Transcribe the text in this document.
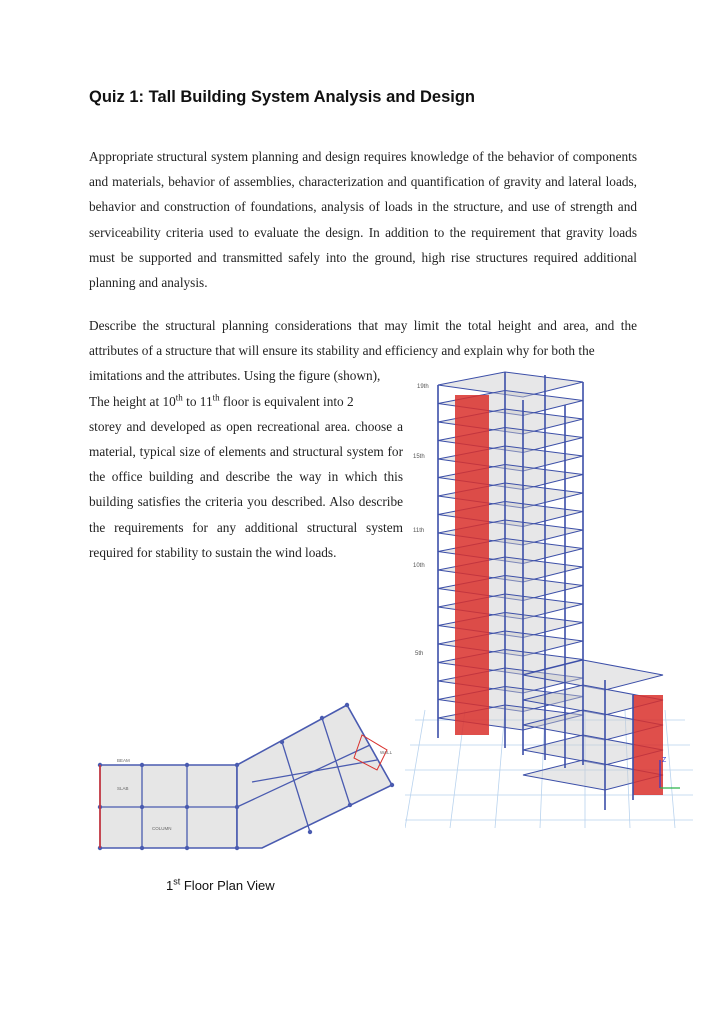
Quiz 1: Tall Building System Analysis and Design

Appropriate structural system planning and design requires knowledge of the behavior of components and materials, behavior of assemblies, characterization and quantification of gravity and lateral loads, behavior and construction of foundations, analysis of loads in the structure, and use of strength and serviceability criteria used to evaluate the design. In addition to the requirement that gravity loads must be supported and transmitted safely into the ground, high rise structures required additional planning and analysis.

Describe the structural planning considerations that may limit the total height and area, and the attributes of a structure that will ensure its stability and efficiency and explain why for both the
imitations and the attributes. Using the figure (shown),
The height at 10th to 11th floor is equivalent into 2
storey and developed as open recreational area. choose a material, typical size of elements and structural system for the office building and describe the way in which this building satisfies the criteria you described. Also describe the requirements for any additional structural system required for stability to sustain the wind loads.
19th
15th
11th
10th
5th
Z
BEAM
SLAB
COLUMN
WALL

1st Floor Plan View
